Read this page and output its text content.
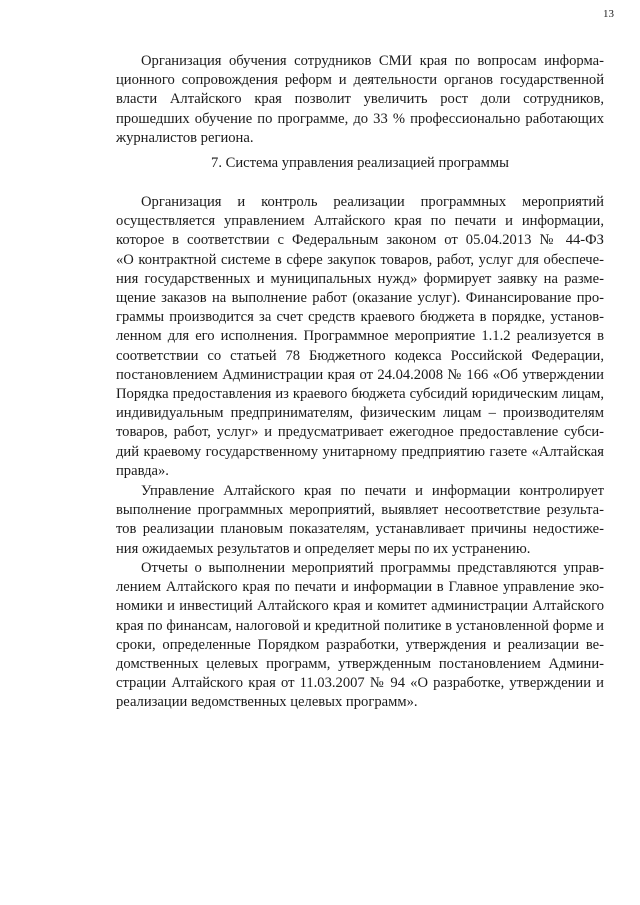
13
Организация обучения сотрудников СМИ края по вопросам информа-
ционного сопровождения реформ и деятельности органов государственной
власти Алтайского края позволит увеличить рост доли сотрудников,
прошедших обучение по программе, до 33 % профессионально работающих
журналистов региона.
7. Система управления реализацией программы
Организация и контроль реализации программных мероприятий
осуществляется управлением Алтайского края по печати и информации,
которое в соответствии с Федеральным законом от 05.04.2013 № 44-ФЗ
«О контрактной системе в сфере закупок товаров, работ, услуг для обеспече-
ния государственных и муниципальных нужд» формирует заявку на разме-
щение заказов на выполнение работ (оказание услуг). Финансирование про-
граммы производится за счет средств краевого бюджета в порядке, установ-
ленном для его исполнения. Программное мероприятие 1.1.2 реализуется в
соответствии со статьей 78 Бюджетного кодекса Российской Федерации,
постановлением Администрации края от 24.04.2008 № 166 «Об утверждении
Порядка предоставления из краевого бюджета субсидий юридическим лицам,
индивидуальным предпринимателям, физическим лицам – производителям
товаров, работ, услуг» и предусматривает ежегодное предоставление субси-
дий краевому государственному унитарному предприятию газете «Алтайская
правда».
Управление Алтайского края по печати и информации контролирует
выполнение программных мероприятий, выявляет несоответствие результа-
тов реализации плановым показателям, устанавливает причины недостиже-
ния ожидаемых результатов и определяет меры по их устранению.
Отчеты о выполнении мероприятий программы представляются управ-
лением Алтайского края по печати и информации в Главное управление эко-
номики и инвестиций Алтайского края и комитет администрации Алтайского
края по финансам, налоговой и кредитной политике в установленной форме и
сроки, определенные Порядком разработки, утверждения и реализации ве-
домственных целевых программ, утвержденным постановлением Админи-
страции Алтайского края от 11.03.2007 № 94 «О разработке, утверждении и
реализации ведомственных целевых программ».
